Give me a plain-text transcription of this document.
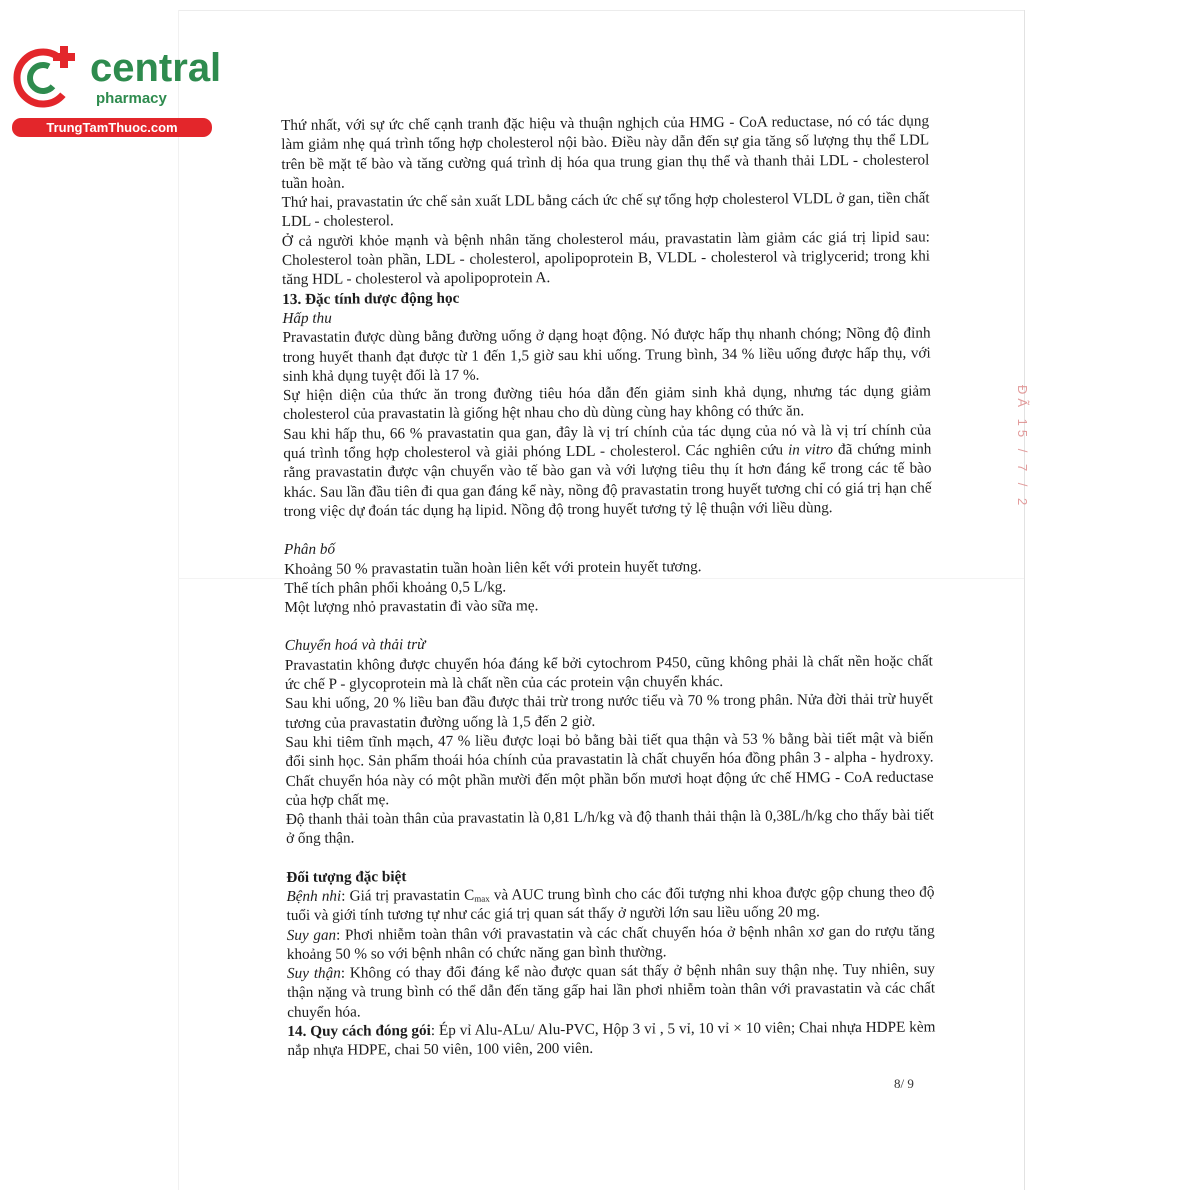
central
pharmacy
TrungTamThuoc.com
ĐÃ 15 / 7 / 2

Thứ nhất, với sự ức chế cạnh tranh đặc hiệu và thuận nghịch của HMG - CoA reductase, nó có tác dụng làm giảm nhẹ quá trình tổng hợp cholesterol nội bào. Điều này dẫn đến sự gia tăng số lượng thụ thể LDL trên bề mặt tế bào và tăng cường quá trình dị hóa qua trung gian thụ thể và thanh thải LDL - cholesterol tuần hoàn.

Thứ hai, pravastatin ức chế sản xuất LDL bằng cách ức chế sự tổng hợp cholesterol VLDL ở gan, tiền chất LDL - cholesterol.

Ở cả người khỏe mạnh và bệnh nhân tăng cholesterol máu, pravastatin làm giảm các giá trị lipid sau: Cholesterol toàn phần, LDL - cholesterol, apolipoprotein B, VLDL - cholesterol và triglycerid; trong khi tăng HDL - cholesterol và apolipoprotein A.

13. Đặc tính dược động học

Hấp thu

Pravastatin được dùng bằng đường uống ở dạng hoạt động. Nó được hấp thụ nhanh chóng; Nồng độ đỉnh trong huyết thanh đạt được từ 1 đến 1,5 giờ sau khi uống. Trung bình, 34 % liều uống được hấp thụ, với sinh khả dụng tuyệt đối là 17 %.

Sự hiện diện của thức ăn trong đường tiêu hóa dẫn đến giảm sinh khả dụng, nhưng tác dụng giảm cholesterol của pravastatin là giống hệt nhau cho dù dùng cùng hay không có thức ăn.

Sau khi hấp thu, 66 % pravastatin qua gan, đây là vị trí chính của tác dụng của nó và là vị trí chính của quá trình tổng hợp cholesterol và giải phóng LDL - cholesterol. Các nghiên cứu in vitro đã chứng minh rằng pravastatin được vận chuyển vào tế bào gan và với lượng tiêu thụ ít hơn đáng kể trong các tế bào khác. Sau lần đầu tiên đi qua gan đáng kể này, nồng độ pravastatin trong huyết tương chỉ có giá trị hạn chế trong việc dự đoán tác dụng hạ lipid. Nồng độ trong huyết tương tỷ lệ thuận với liều dùng.

Phân bố

Khoảng 50 % pravastatin tuần hoàn liên kết với protein huyết tương.

Thể tích phân phối khoảng 0,5 L/kg.

Một lượng nhỏ pravastatin đi vào sữa mẹ.

Chuyển hoá và thải trừ

Pravastatin không được chuyển hóa đáng kể bởi cytochrom P450, cũng không phải là chất nền hoặc chất ức chế P - glycoprotein mà là chất nền của các protein vận chuyển khác.

Sau khi uống, 20 % liều ban đầu được thải trừ trong nước tiểu và 70 % trong phân. Nửa đời thải trừ huyết tương của pravastatin đường uống là 1,5 đến 2 giờ.

Sau khi tiêm tĩnh mạch, 47 % liều được loại bỏ bằng bài tiết qua thận và 53 % bằng bài tiết mật và biến đổi sinh học. Sản phẩm thoái hóa chính của pravastatin là chất chuyển hóa đồng phân 3 - alpha - hydroxy. Chất chuyển hóa này có một phần mười đến một phần bốn mươi hoạt động ức chế HMG - CoA reductase của hợp chất mẹ.

Độ thanh thải toàn thân của pravastatin là 0,81 L/h/kg và độ thanh thải thận là 0,38L/h/kg cho thấy bài tiết ở ống thận.

Đối tượng đặc biệt

Bệnh nhi: Giá trị pravastatin $C_{max}$ và AUC trung bình cho các đối tượng nhi khoa được gộp chung theo độ tuổi và giới tính tương tự như các giá trị quan sát thấy ở người lớn sau liều uống 20 mg.

Suy gan: Phơi nhiễm toàn thân với pravastatin và các chất chuyển hóa ở bệnh nhân xơ gan do rượu tăng khoảng 50 % so với bệnh nhân có chức năng gan bình thường.

Suy thận: Không có thay đổi đáng kể nào được quan sát thấy ở bệnh nhân suy thận nhẹ. Tuy nhiên, suy thận nặng và trung bình có thể dẫn đến tăng gấp hai lần phơi nhiễm toàn thân với pravastatin và các chất chuyển hóa.

14. Quy cách đóng gói: Ép vỉ Alu-ALu/ Alu-PVC, Hộp 3 vỉ , 5 vỉ, 10 vỉ × 10 viên; Chai nhựa HDPE kèm nắp nhựa HDPE, chai 50 viên, 100 viên, 200 viên.

8/ 9
